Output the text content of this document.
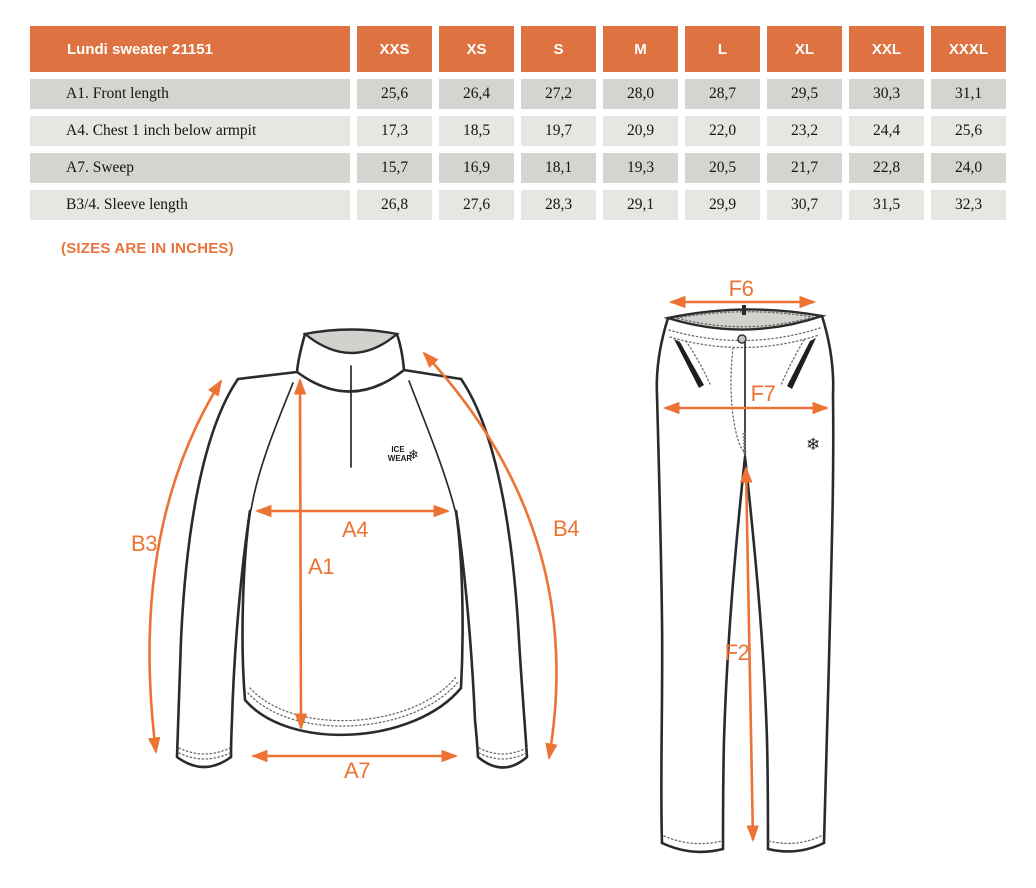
Lundi sweater 21151	XXS	XS	S	M	L	XL	XXL	XXXL
A1. Front length	25,6	26,4	27,2	28,0	28,7	29,5	30,3	31,1
A4. Chest 1 inch below armpit	17,3	18,5	19,7	20,9	22,0	23,2	24,4	25,6
A7. Sweep	15,7	16,9	18,1	19,3	20,5	21,7	22,8	24,0
B3/4. Sleeve length	26,8	27,6	28,3	29,1	29,9	30,7	31,5	32,3
(SIZES ARE IN INCHES)
ICE
WEAR
❄
B3
A4
A1
B4
A7
❄
F6
F7
F2
